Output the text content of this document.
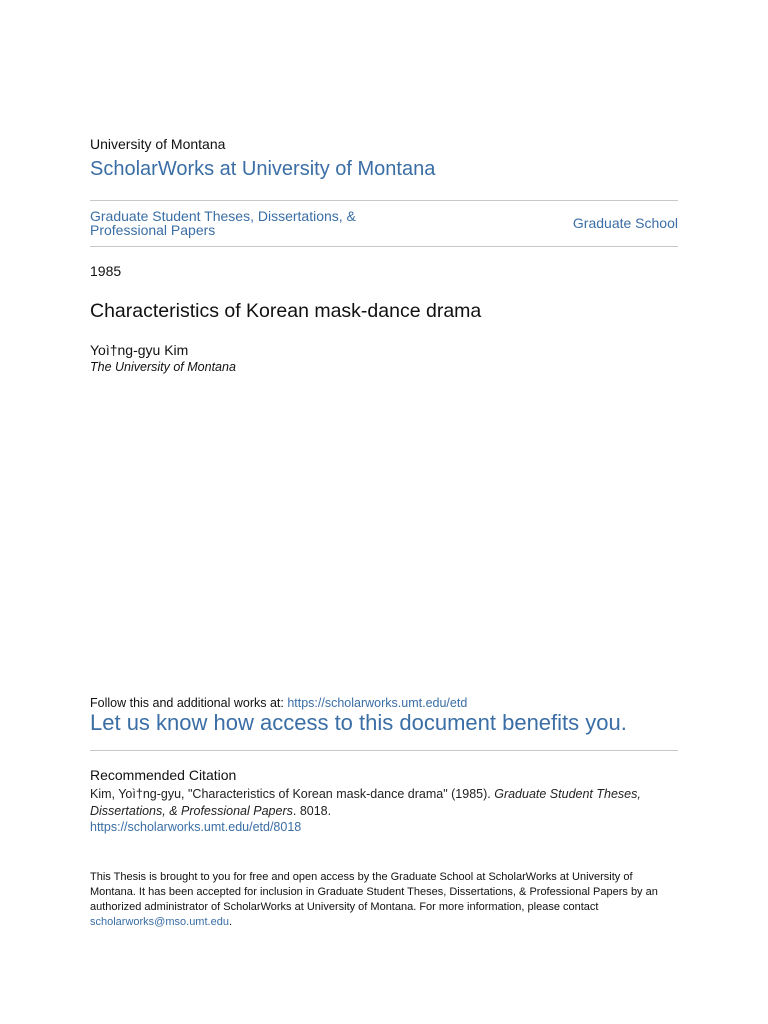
University of Montana
ScholarWorks at University of Montana
Graduate Student Theses, Dissertations, & Professional Papers	Graduate School
1985
Characteristics of Korean mask-dance drama
Yoì†ng-gyu Kim
The University of Montana
Follow this and additional works at: https://scholarworks.umt.edu/etd
Let us know how access to this document benefits you.
Recommended Citation
Kim, Yoì†ng-gyu, "Characteristics of Korean mask-dance drama" (1985). Graduate Student Theses, Dissertations, & Professional Papers. 8018.
https://scholarworks.umt.edu/etd/8018
This Thesis is brought to you for free and open access by the Graduate School at ScholarWorks at University of Montana. It has been accepted for inclusion in Graduate Student Theses, Dissertations, & Professional Papers by an authorized administrator of ScholarWorks at University of Montana. For more information, please contact scholarworks@mso.umt.edu.
